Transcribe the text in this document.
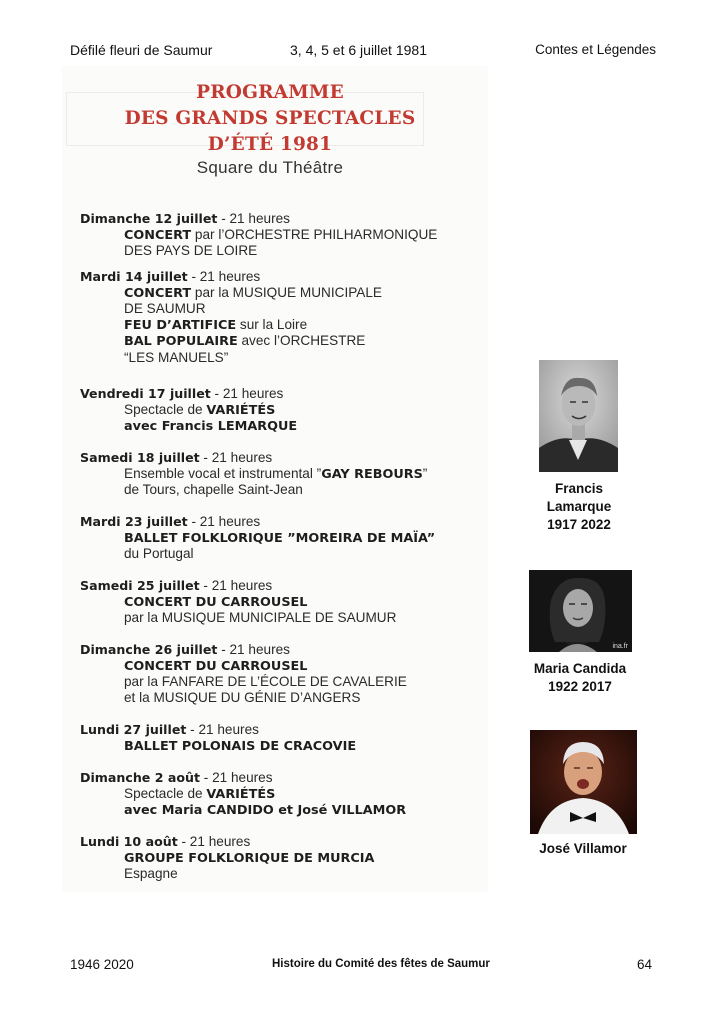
Défilé fleuri de Saumur	3, 4, 5 et 6 juillet 1981	Contes et Légendes
PROGRAMME
DES GRANDS SPECTACLES
D’ÉTÉ 1981
Square du Théâtre
Dimanche 12 juillet - 21 heures
CONCERT par l’ORCHESTRE PHILHARMONIQUE
DES PAYS DE LOIRE
Mardi 14 juillet - 21 heures
CONCERT par la MUSIQUE MUNICIPALE
DE SAUMUR
FEU D’ARTIFICE sur la Loire
BAL POPULAIRE avec l’ORCHESTRE
“LES MANUELS”
Vendredi 17 juillet - 21 heures
Spectacle de VARIÉTÉS
avec Francis LEMARQUE
Samedi 18 juillet - 21 heures
Ensemble vocal et instrumental ”GAY REBOURS”
de Tours, chapelle Saint-Jean
Mardi 23 juillet - 21 heures
BALLET FOLKLORIQUE ”MOREIRA DE MAÏA”
du Portugal
Samedi 25 juillet - 21 heures
CONCERT DU CARROUSEL
par la MUSIQUE MUNICIPALE DE SAUMUR
Dimanche 26 juillet - 21 heures
CONCERT DU CARROUSEL
par la FANFARE DE L’ÉCOLE DE CAVALERIE
et la MUSIQUE DU GÉNIE D’ANGERS
Lundi 27 juillet - 21 heures
BALLET POLONAIS DE CRACOVIE
Dimanche 2 août - 21 heures
Spectacle de VARIÉTÉS
avec Maria CANDIDO et José VILLAMOR
Lundi 10 août - 21 heures
GROUPE FOLKLORIQUE DE MURCIA
Espagne
Francis
Lamarque
1917 2022
ina.fr
Maria Candida
1922 2017
José Villamor
1946 2020	Histoire du Comité des fêtes de Saumur	64
